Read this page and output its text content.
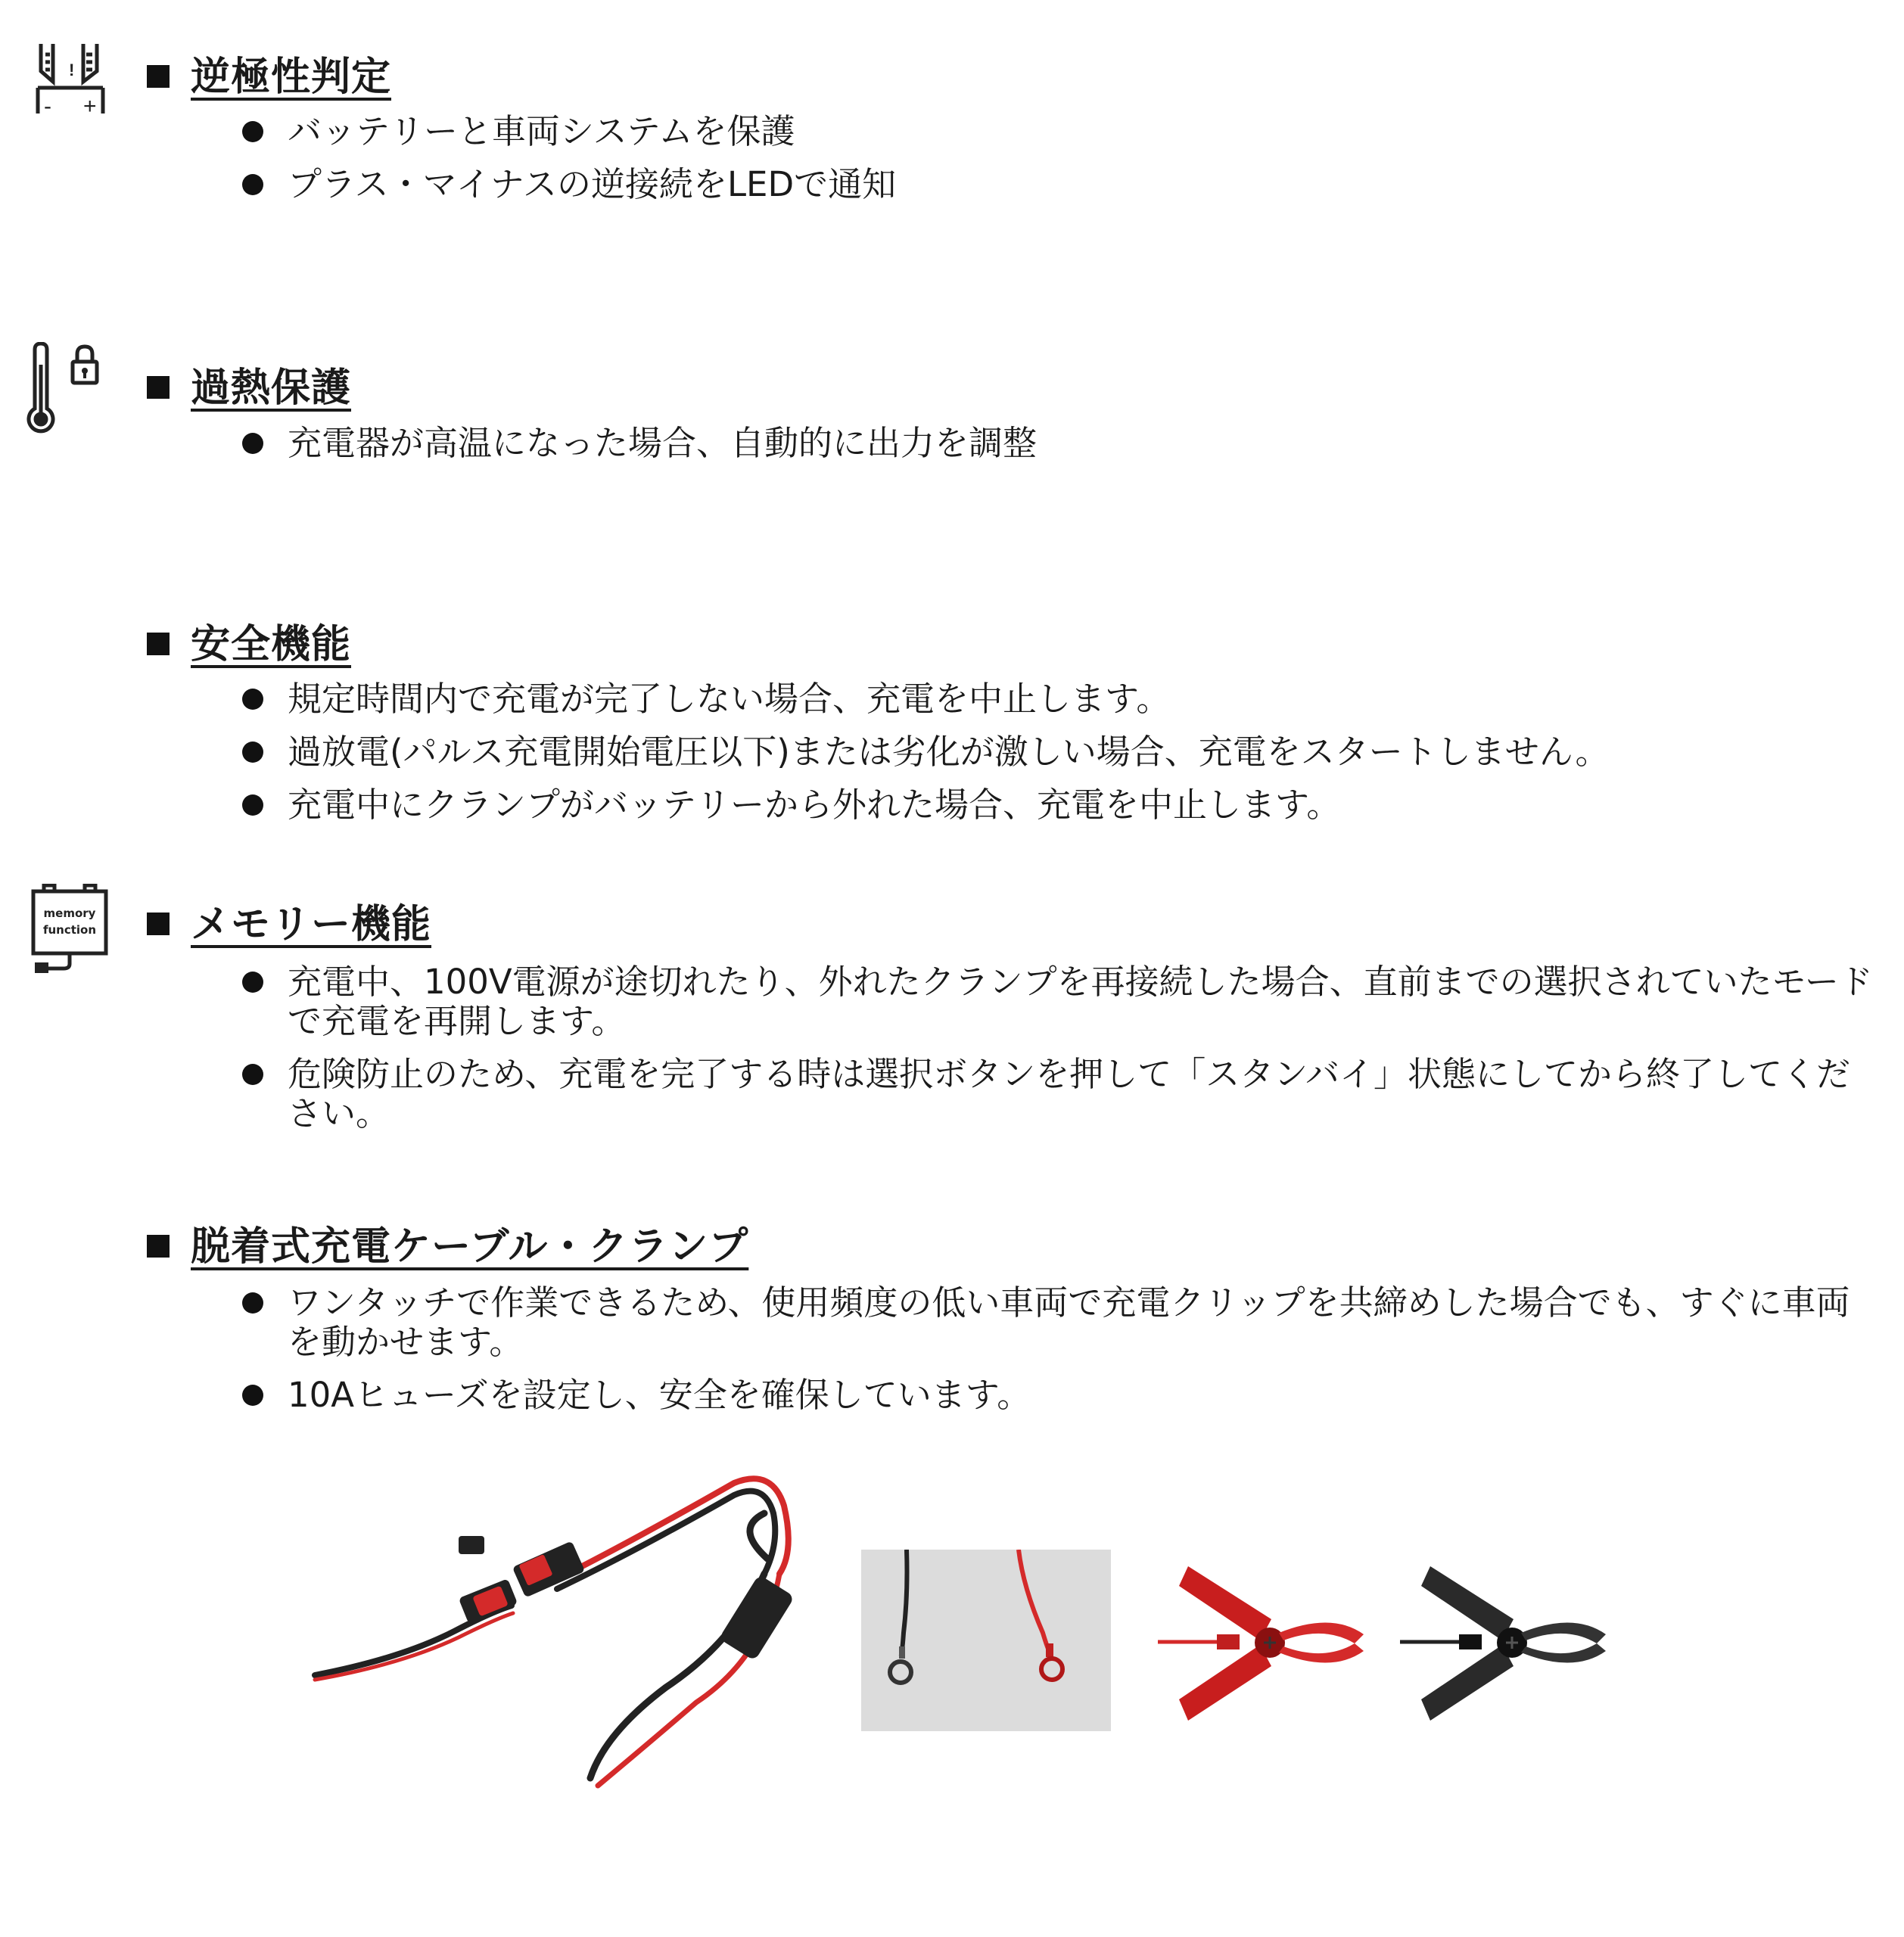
!
- +
逆極性判定
バッテリーと車両システムを保護
プラス・マイナスの逆接続をLEDで通知
過熱保護
充電器が高温になった場合、自動的に出力を調整
安全機能
規定時間内で充電が完了しない場合、充電を中止します。
過放電(パルス充電開始電圧以下)または劣化が激しい場合、充電をスタートしません。
充電中にクランプがバッテリーから外れた場合、充電を中止します。
memory
function メモリー機能
充電中、100V電源が途切れたり、外れたクランプを再接続した場合、直前までの選択されていたモードで充電を再開します。
危険防止のため、充電を完了する時は選択ボタンを押して「スタンバイ」状態にしてから終了してください。
脱着式充電ケーブル・クランプ
ワンタッチで作業できるため、使用頻度の低い車両で充電クリップを共締めした場合でも、すぐに車両を動かせます。
10Aヒューズを設定し、安全を確保しています。
